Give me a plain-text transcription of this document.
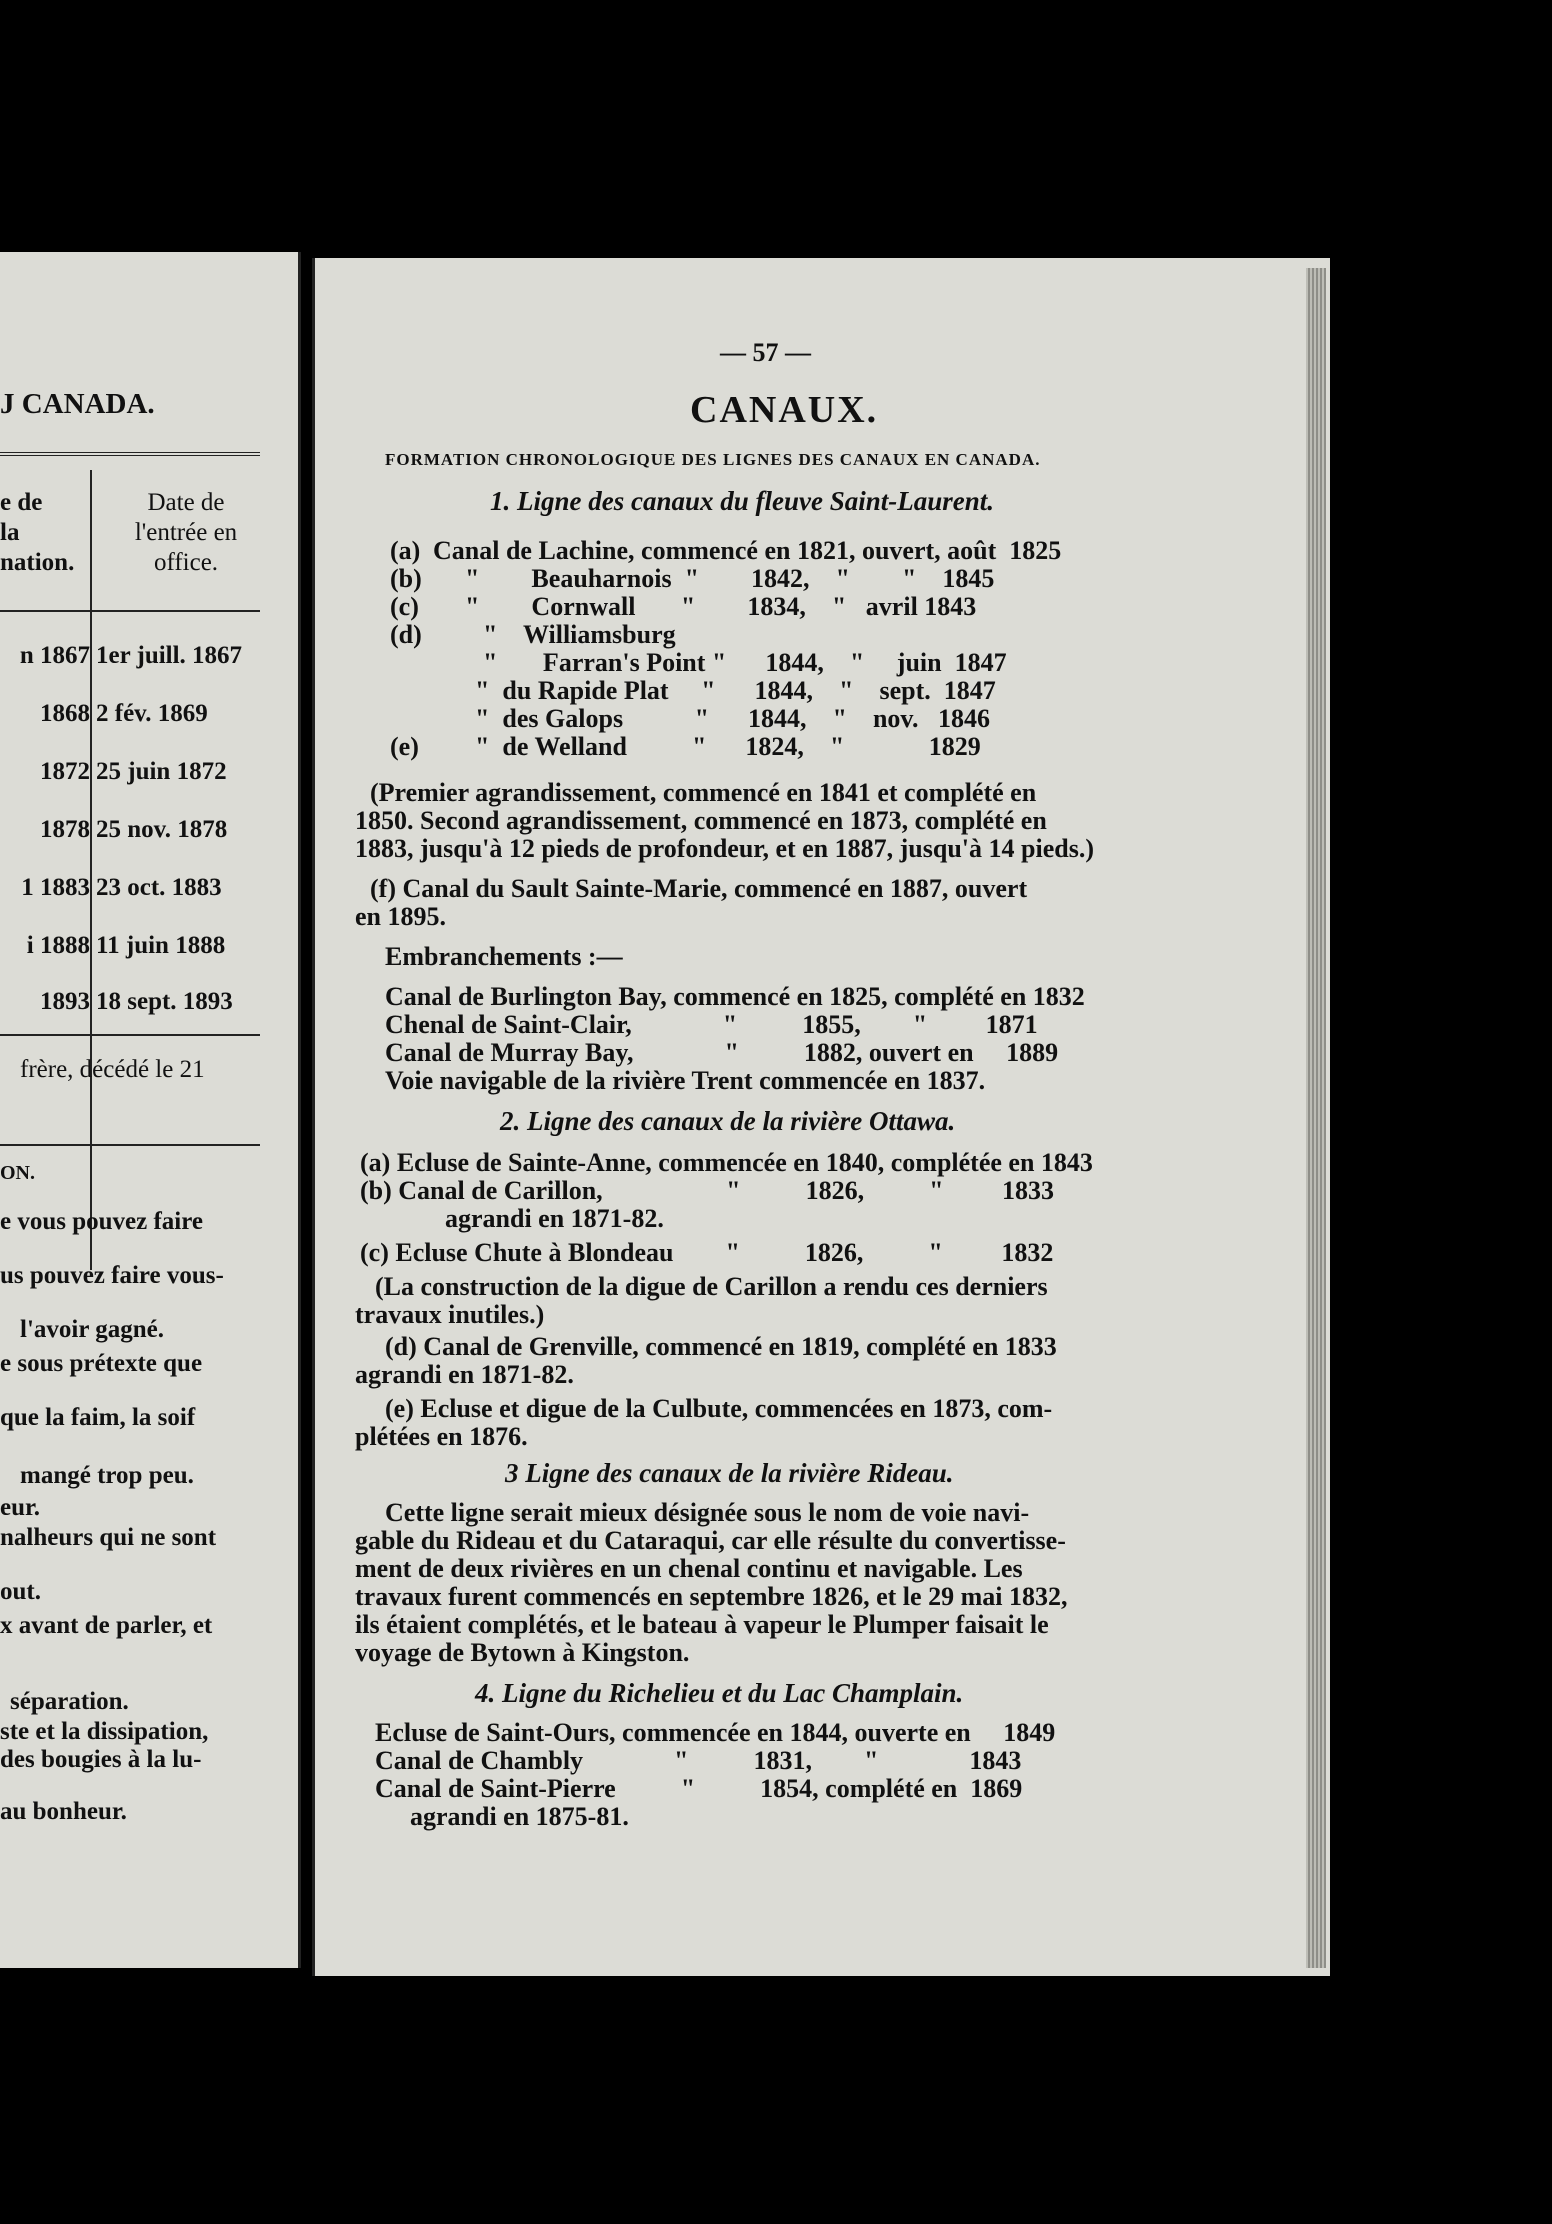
J CANADA.
e de
la
nation.
Date de
l'entrée en
office.
n 1867 1er juill. 1867
1868 2 fév. 1869
1872 25 juin 1872
1878 25 nov. 1878
1 1883 23 oct. 1883
i 1888 11 juin 1888
1893 18 sept. 1893
frère, décédé le 21
ON.
e vous pouvez faire
us pouvez faire vous-
l'avoir gagné.
e sous prétexte que
que la faim, la soif
mangé trop peu.
eur.
nalheurs qui ne sont
out.
x avant de parler, et
séparation.
ste et la dissipation,
des bougies à la lu-
au bonheur.
— 57 —
CANAUX.
FORMATION CHRONOLOGIQUE DES LIGNES DES CANAUX EN CANADA.
1. Ligne des canaux du fleuve Saint-Laurent.
(a) Canal de Lachine, commencé en 1821, ouvert, août  1825
(b) "        Beauharnois  "        1842,    "        "    1845
(c) "        Cornwall       "        1834,    "   avril 1843
(d) "    Williamsburg
"       Farran's Point "      1844,    "     juin  1847
"  du Rapide Plat     "      1844,    "    sept.  1847
"  des Galops           "      1844,    "    nov.   1846
(e) "  de Welland          "      1824,    "             1829
(Premier agrandissement, commencé en 1841 et complété en
1850. Second agrandissement, commencé en 1873, complété en
1883, jusqu'à 12 pieds de profondeur, et en 1887, jusqu'à 14 pieds.)
(f) Canal du Sault Sainte-Marie, commencé en 1887, ouvert
en 1895.
Embranchements :—
Canal de Burlington Bay, commencé en 1825, complété en 1832
Chenal de Saint-Clair,              "          1855,        "         1871
Canal de Murray Bay,              "          1882, ouvert en     1889
Voie navigable de la rivière Trent commencée en 1837.
2. Ligne des canaux de la rivière Ottawa.
(a) Ecluse de Sainte-Anne, commencée en 1840, complétée en 1843
(b) Canal de Carillon,                   "          1826,          "         1833
agrandi en 1871-82.
(c) Ecluse Chute à Blondeau        "          1826,          "         1832
(La construction de la digue de Carillon a rendu ces derniers
travaux inutiles.)
(d) Canal de Grenville, commencé en 1819, complété en 1833
agrandi en 1871-82.
(e) Ecluse et digue de la Culbute, commencées en 1873, com-
plétées en 1876.
3 Ligne des canaux de la rivière Rideau.
Cette ligne serait mieux désignée sous le nom de voie navi-
gable du Rideau et du Cataraqui, car elle résulte du convertisse-
ment de deux rivières en un chenal continu et navigable. Les
travaux furent commencés en septembre 1826, et le 29 mai 1832,
ils étaient complétés, et le bateau à vapeur le Plumper faisait le
voyage de Bytown à Kingston.
4. Ligne du Richelieu et du Lac Champlain.
Ecluse de Saint-Ours, commencée en 1844, ouverte en     1849
Canal de Chambly              "          1831,        "              1843
Canal de Saint-Pierre          "          1854, complété en  1869
agrandi en 1875-81.
